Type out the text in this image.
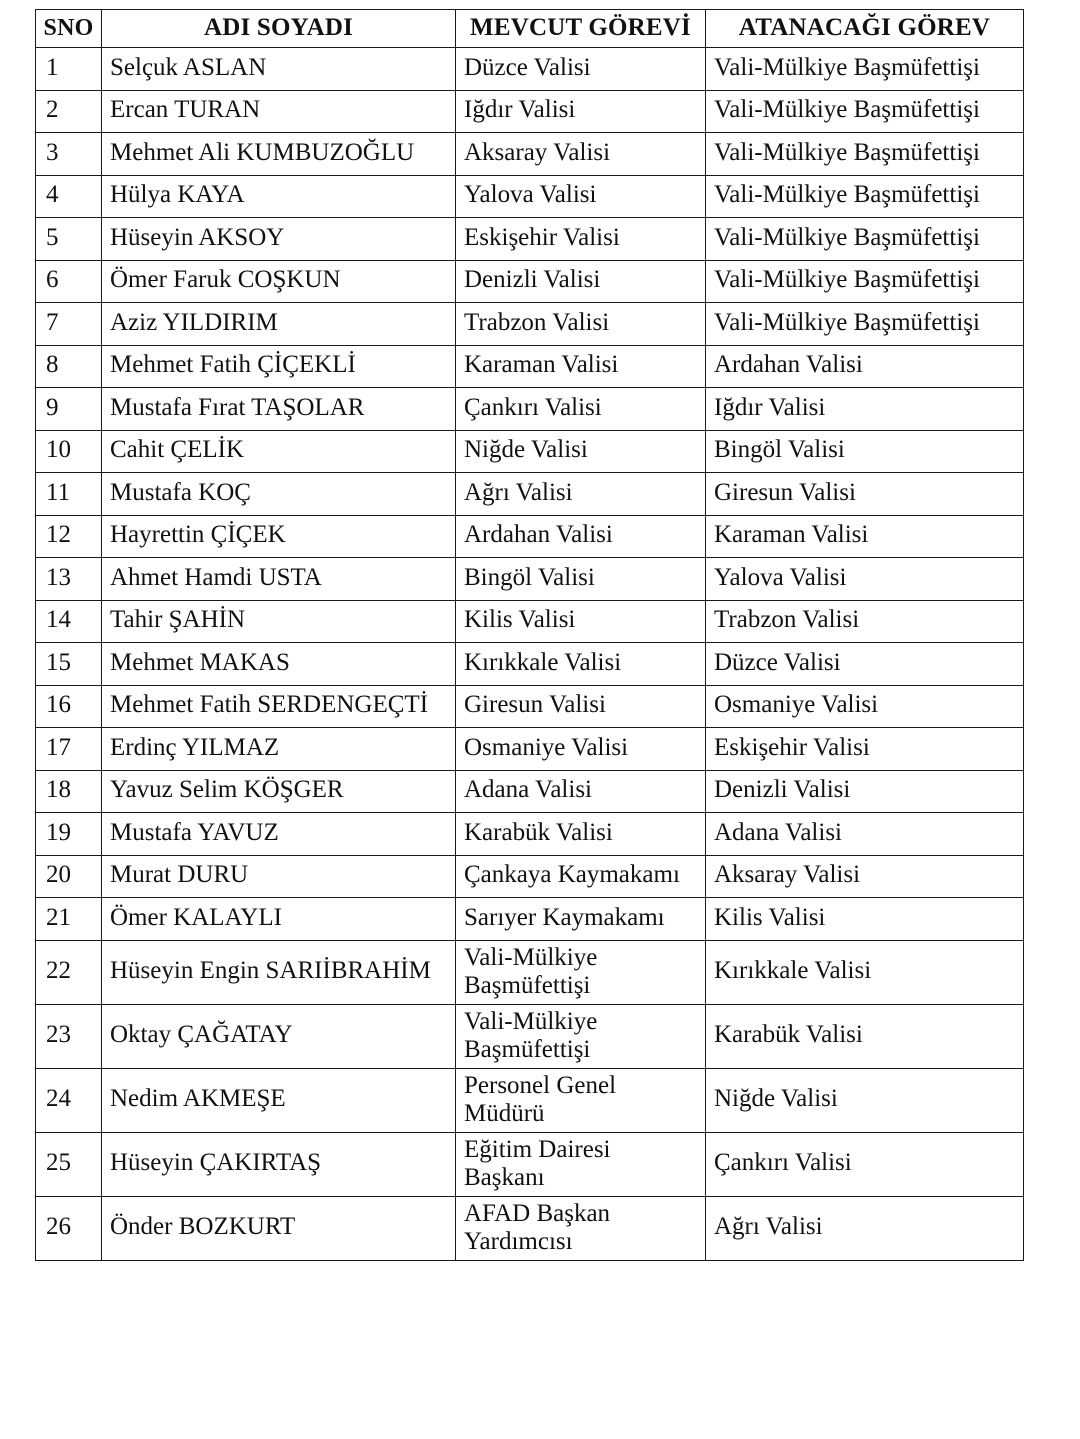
SNO	ADI SOYADI	MEVCUT GÖREVİ	ATANACAĞI GÖREV
1	Selçuk ASLAN	Düzce Valisi	Vali-Mülkiye Başmüfettişi
2	Ercan TURAN	Iğdır Valisi	Vali-Mülkiye Başmüfettişi
3	Mehmet Ali KUMBUZOĞLU	Aksaray Valisi	Vali-Mülkiye Başmüfettişi
4	Hülya KAYA	Yalova Valisi	Vali-Mülkiye Başmüfettişi
5	Hüseyin AKSOY	Eskişehir Valisi	Vali-Mülkiye Başmüfettişi
6	Ömer Faruk COŞKUN	Denizli Valisi	Vali-Mülkiye Başmüfettişi
7	Aziz YILDIRIM	Trabzon Valisi	Vali-Mülkiye Başmüfettişi
8	Mehmet Fatih ÇİÇEKLİ	Karaman Valisi	Ardahan Valisi
9	Mustafa Fırat TAŞOLAR	Çankırı Valisi	Iğdır Valisi
10	Cahit ÇELİK	Niğde Valisi	Bingöl Valisi
11	Mustafa KOÇ	Ağrı Valisi	Giresun Valisi
12	Hayrettin ÇİÇEK	Ardahan Valisi	Karaman Valisi
13	Ahmet Hamdi USTA	Bingöl Valisi	Yalova Valisi
14	Tahir ŞAHİN	Kilis Valisi	Trabzon Valisi
15	Mehmet MAKAS	Kırıkkale Valisi	Düzce Valisi
16	Mehmet Fatih SERDENGEÇTİ	Giresun Valisi	Osmaniye Valisi
17	Erdinç YILMAZ	Osmaniye Valisi	Eskişehir Valisi
18	Yavuz Selim KÖŞGER	Adana Valisi	Denizli Valisi
19	Mustafa YAVUZ	Karabük Valisi	Adana Valisi
20	Murat DURU	Çankaya Kaymakamı	Aksaray Valisi
21	Ömer KALAYLI	Sarıyer Kaymakamı	Kilis Valisi
22	Hüseyin Engin SARIİBRAHİM	Vali-Mülkiye
Başmüfettişi	Kırıkkale Valisi
23	Oktay ÇAĞATAY	Vali-Mülkiye
Başmüfettişi	Karabük Valisi
24	Nedim AKMEŞE	Personel Genel
Müdürü	Niğde Valisi
25	Hüseyin ÇAKIRTAŞ	Eğitim Dairesi
Başkanı	Çankırı Valisi
26	Önder BOZKURT	AFAD Başkan
Yardımcısı	Ağrı Valisi
